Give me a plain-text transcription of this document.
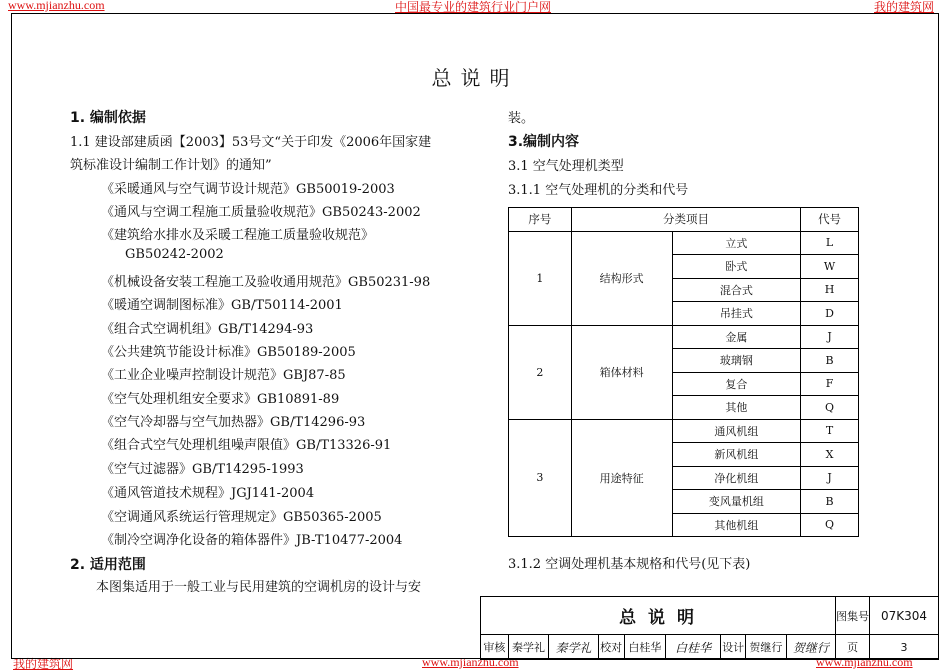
www.mjianzhu.com	中国最专业的建筑行业门户网	我的建筑网
我的建筑网	www.mjianzhu.com	www.mjianzhu.com
总说明
1. 编制依据
1.1 建设部建质函【2003】53号文“关于印发《2006年国家建
筑标准设计编制工作计划》的通知”
《采暖通风与空气调节设计规范》GB50019-2003
《通风与空调工程施工质量验收规范》GB50243-2002
《建筑给水排水及采暖工程施工质量验收规范》
GB50242-2002
《机械设备安装工程施工及验收通用规范》GB50231-98
《暖通空调制图标准》GB/T50114-2001
《组合式空调机组》GB/T14294-93
《公共建筑节能设计标准》GB50189-2005
《工业企业噪声控制设计规范》GBJ87-85
《空气处理机组安全要求》GB10891-89
《空气冷却器与空气加热器》GB/T14296-93
《组合式空气处理机组噪声限值》GB/T13326-91
《空气过滤器》GB/T14295-1993
《通风管道技术规程》JGJ141-2004
《空调通风系统运行管理规定》GB50365-2005
《制冷空调净化设备的箱体器件》JB-T10477-2004
2. 适用范围
本图集适用于一般工业与民用建筑的空调机房的设计与安
装。
3.编制内容
3.1 空气处理机类型
3.1.1 空气处理机的分类和代号
3.1.2 空调处理机基本规格和代号(见下表)
序号	分类项目		代号
1	结构形式	立式	L
		卧式	W
		混合式	H
		吊挂式	D
2	箱体材料	金属	J
		玻璃钢	B
		复合	F
		其他	Q
3	用途特征	通风机组	T
		新风机组	X
		净化机组	J
		变风量机组	B
		其他机组	Q
总 说 明									图集号	07K304
审核	秦学礼	秦学礼	校对	白桂华	白桂华	设计	贺继行	贺继行	页	3
